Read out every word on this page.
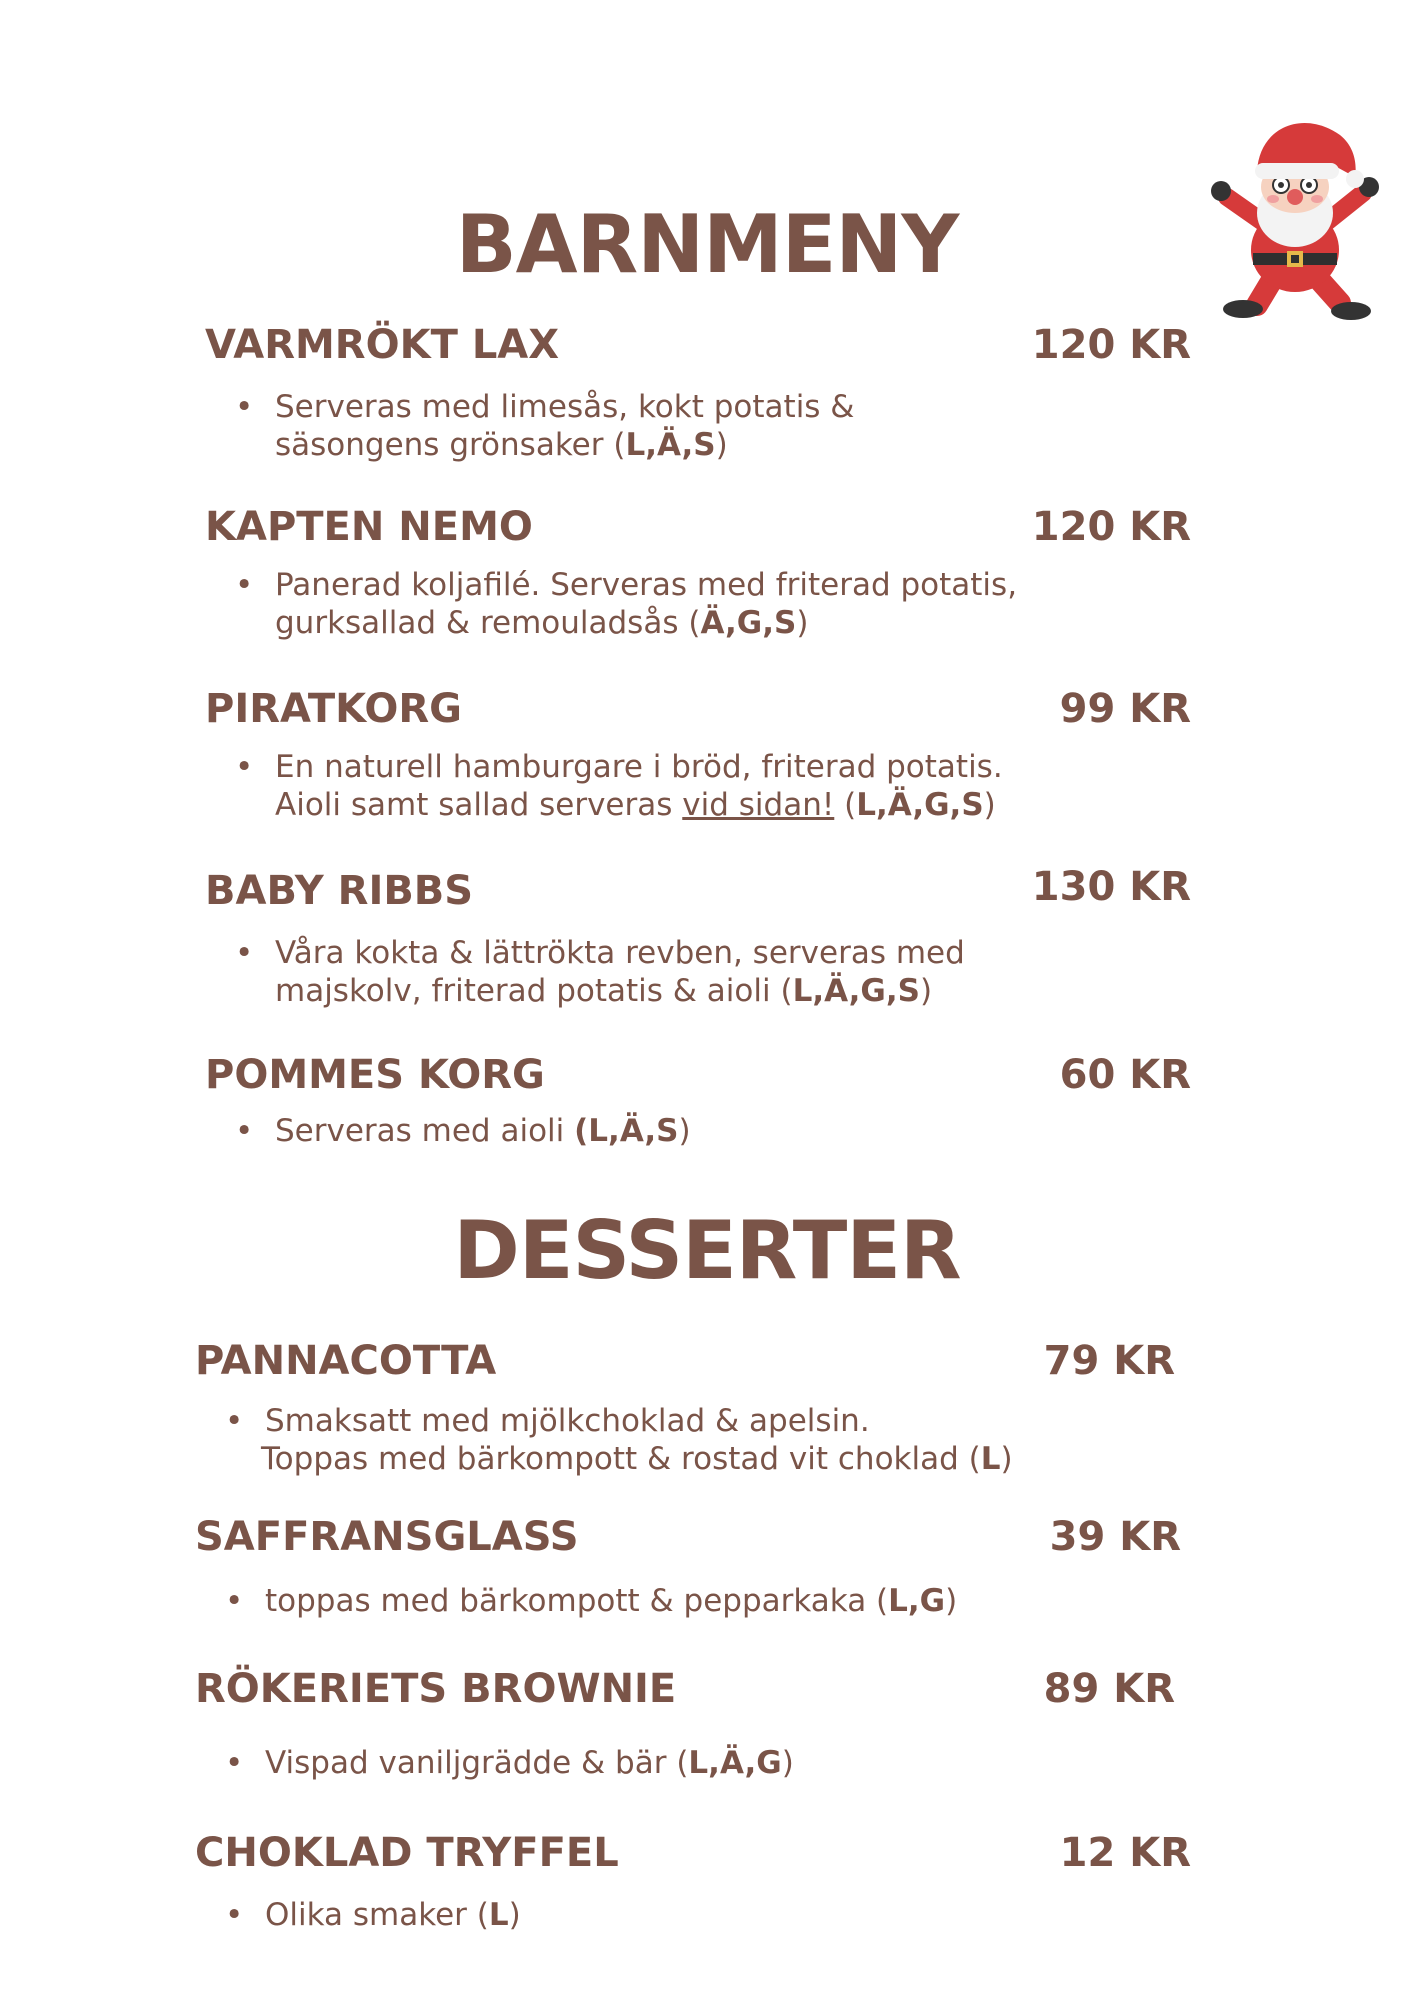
BARNMENY
VARMRÖKT LAX	120 KR
• Serveras med limesås, kokt potatis &
säsongens grönsaker (L,Ä,S)
KAPTEN NEMO	120 KR
• Panerad koljafilé. Serveras med friterad potatis,
gurksallad & remouladsås (Ä,G,S)
PIRATKORG	99 KR
• En naturell hamburgare i bröd, friterad potatis.
Aioli samt sallad serveras vid sidan! (L,Ä,G,S)
BABY RIBBS	130 KR
• Våra kokta & lättrökta revben, serveras med
majskolv, friterad potatis & aioli (L,Ä,G,S)
POMMES KORG	60 KR
• Serveras med aioli (L,Ä,S)
DESSERTER
PANNACOTTA	79 KR
• Smaksatt med mjölkchoklad & apelsin.
Toppas med bärkompott & rostad vit choklad (L)
SAFFRANSGLASS	39 KR
• toppas med bärkompott & pepparkaka (L,G)
RÖKERIETS BROWNIE	89 KR
• Vispad vaniljgrädde & bär (L,Ä,G)
CHOKLAD TRYFFEL	12 KR
• Olika smaker (L)
